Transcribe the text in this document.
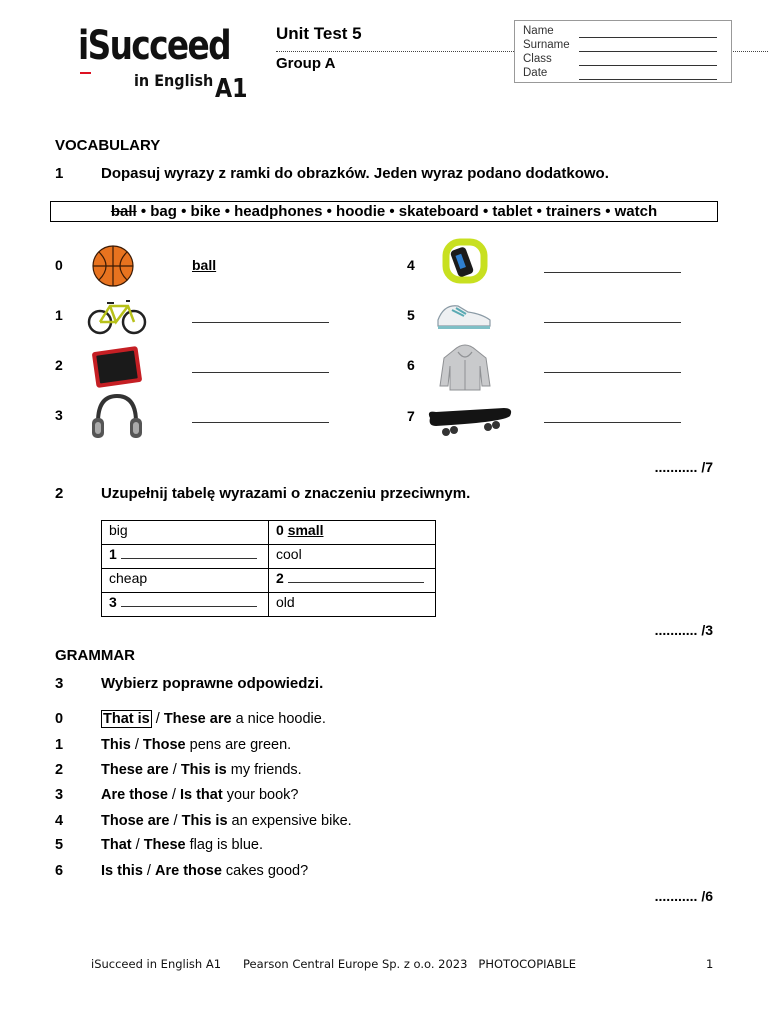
iSucceed
in English A1
Unit Test 5
Group A
Name
Surname
Class
Date
VOCABULARY
1	Dopasuj wyrazy z ramki do obrazków. Jeden wyraz podano dodatkowo.
ball • bag • bike • headphones • hoodie • skateboard • tablet • trainers • watch
0	ball
1
2
3
4
5
6
7
........... /7
2	Uzupełnij tabelę wyrazami o znaczeniu przeciwnym.
big	0 small
1	cool
cheap	2
3	old
........... /3
GRAMMAR
3	Wybierz poprawne odpowiedzi.
0	That is / These are a nice hoodie.
1	This / Those pens are green.
2	These are / This is my friends.
3	Are those / Is that your book?
4	Those are / This is an expensive bike.
5	That / These flag is blue.
6	Is this / Are those cakes good?
........... /6
iSucceed in English A1      Pearson Central Europe Sp. z o.o. 2023   PHOTOCOPIABLE	1
